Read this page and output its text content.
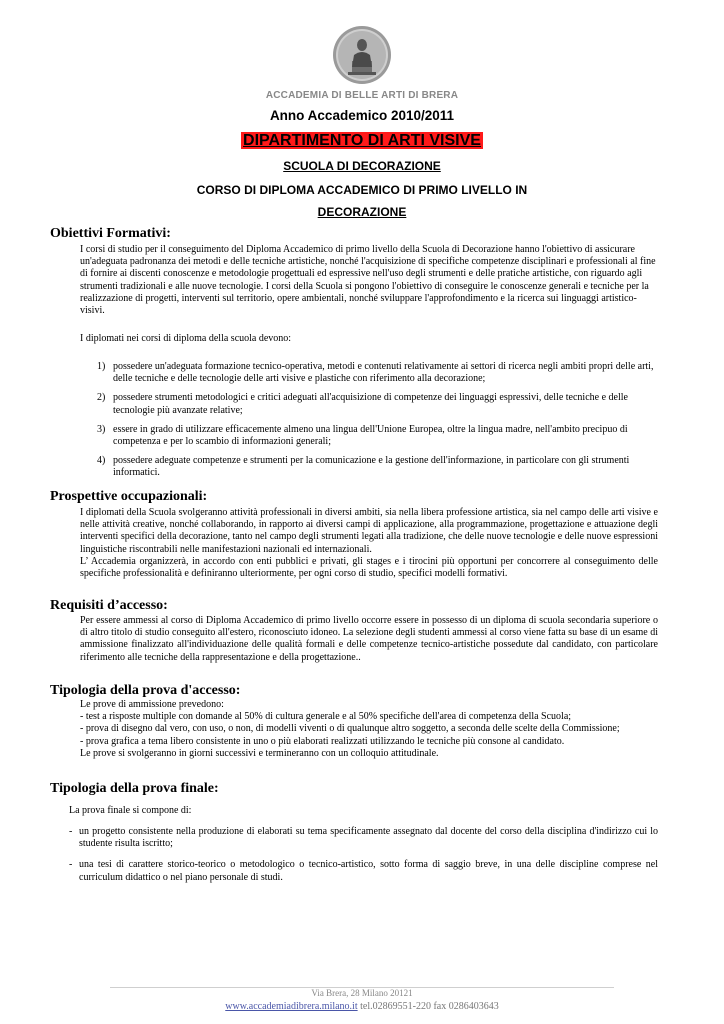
ACCADEMIA DI BELLE ARTI DI BRERA
Anno Accademico 2010/2011
DIPARTIMENTO DI ARTI VISIVE
SCUOLA DI DECORAZIONE
CORSO DI DIPLOMA ACCADEMICO DI PRIMO LIVELLO IN
DECORAZIONE
Obiettivi Formativi:

I corsi di studio per il conseguimento del Diploma Accademico di primo livello della Scuola di Decorazione hanno l'obiettivo di assicurare un'adeguata padronanza dei metodi e delle tecniche artistiche, nonché l'acquisizione di specifiche competenze disciplinari e professionali al fine di fornire ai discenti conoscenze e metodologie progettuali ed espressive nell'uso degli strumenti e delle pratiche artistiche, con riguardo agli strumenti tradizionali e alle nuove tecnologie. I corsi della Scuola si pongono l'obiettivo di conseguire le conoscenze generali e tecniche per la realizzazione di progetti, interventi sul territorio, opere ambientali, nonché sviluppare l'approfondimento e la ricerca sui linguaggi artistico-visivi.

I diplomati nei corsi di diploma della scuola devono:

1) possedere un'adeguata formazione tecnico-operativa, metodi e contenuti relativamente ai settori di ricerca negli ambiti propri delle arti, delle tecniche e delle tecnologie delle arti visive e plastiche con riferimento alla decorazione;
2) possedere strumenti metodologici e critici adeguati all'acquisizione di competenze dei linguaggi espressivi, delle tecniche e delle tecnologie più avanzate relative;
3) essere in grado di utilizzare efficacemente almeno una lingua dell'Unione Europea, oltre la lingua madre, nell'ambito precipuo di competenza e per lo scambio di informazioni generali;
4) possedere adeguate competenze e strumenti per la comunicazione e la gestione dell'informazione, in particolare con gli strumenti informatici.
Prospettive occupazionali:

I diplomati della Scuola svolgeranno attività professionali in diversi ambiti, sia nella libera professione artistica, sia nel campo delle arti visive e nelle attività creative, nonché collaborando, in rapporto ai diversi campi di applicazione, alla programmazione, progettazione e attuazione degli interventi specifici della decorazione, tanto nel campo degli strumenti legati alla tradizione, che delle nuove tecnologie e delle nuove espressioni linguistiche riscontrabili nelle manifestazioni nazionali ed internazionali.

L’ Accademia organizzerà, in accordo con enti pubblici e privati, gli stages e i tirocini più opportuni per concorrere al conseguimento delle specifiche professionalità e definiranno ulteriormente, per ogni corso di studio, specifici modelli formativi.

Requisiti d’accesso:

Per essere ammessi al corso di Diploma Accademico di primo livello occorre essere in possesso di un diploma di scuola secondaria superiore o di altro titolo di studio conseguito all'estero, riconosciuto idoneo. La selezione degli studenti ammessi al corso viene fatta su base di un esame di ammissione finalizzato all'individuazione delle qualità formali e delle competenze tecnico-artistiche possedute dal candidato, con particolare riferimento alle tecniche della rappresentazione e della progettazione..

Tipologia della prova d'accesso:
Le prove di ammissione prevedono:
- test a risposte multiple con domande al 50% di cultura generale e al 50% specifiche dell'area di competenza della Scuola;
- prova di disegno dal vero, con uso, o non, di modelli viventi o di qualunque altro soggetto, a seconda delle scelte della Commissione;
- prova grafica a tema libero consistente in uno o più elaborati realizzati utilizzando le tecniche più consone al candidato.
Le prove si svolgeranno in giorni successivi e termineranno con un colloquio attitudinale.
Tipologia della prova finale:

La prova finale si compone di:

- un progetto consistente nella produzione di elaborati su tema specificamente assegnato dal docente del corso della disciplina d'indirizzo cui lo studente risulta iscritto;
- una tesi di carattere storico-teorico o metodologico o tecnico-artistico, sotto forma di saggio breve, in una delle discipline comprese nel curriculum didattico o nel piano personale di studi.
Via Brera, 28 Milano 20121
www.accademiadibrera.milano.it tel.02869551-220 fax 0286403643
